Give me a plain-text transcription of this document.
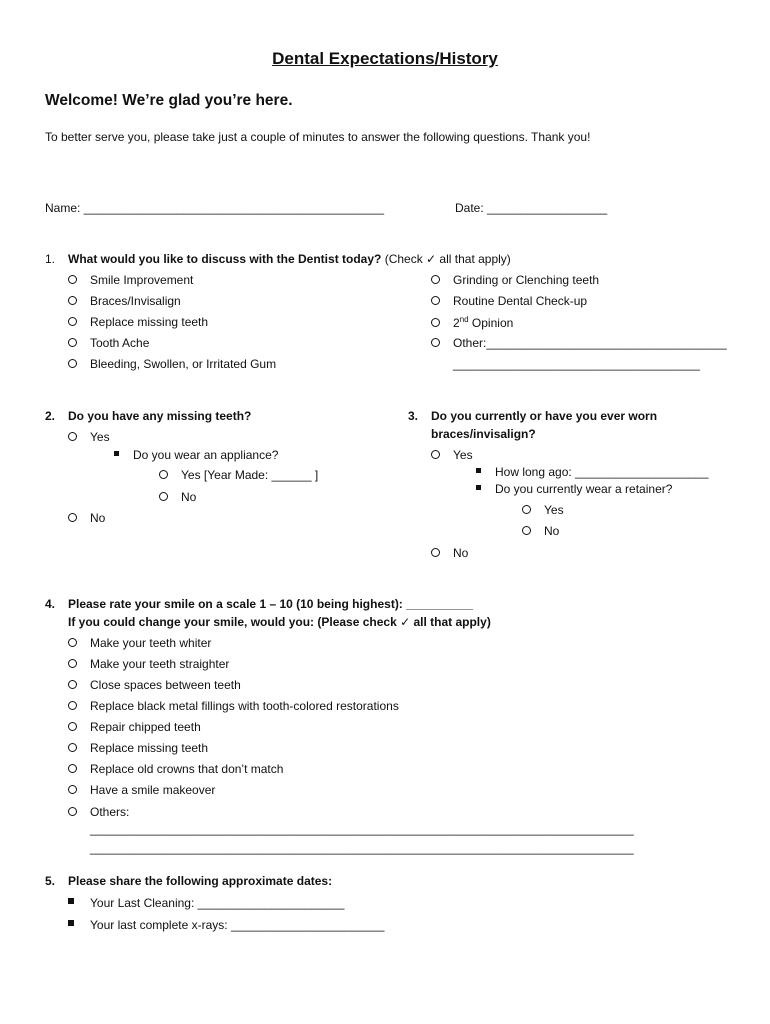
Dental Expectations/History
Welcome! We’re glad you’re here.
To better serve you, please take just a couple of minutes to answer the following questions. Thank you!
Name: _____________________________________________	Date: __________________
1. What would you like to discuss with the Dentist today? (Check ✓ all that apply)
Smile Improvement
Braces/Invisalign
Replace missing teeth
Tooth Ache
Bleeding, Swollen, or Irritated Gum
Grinding or Clenching teeth
Routine Dental Check-up
2nd Opinion
Other:____________________________________
_____________________________________
2. Do you have any missing teeth?
Yes
Do you wear an appliance?
Yes [Year Made: ______ ]
No
No
3. Do you currently or have you ever worn
braces/invisalign?
Yes
How long ago: ____________________
Do you currently wear a retainer?
Yes
No
No
4. Please rate your smile on a scale 1 – 10 (10 being highest): __________
If you could change your smile, would you: (Please check ✓ all that apply)
Make your teeth whiter
Make your teeth straighter
Close spaces between teeth
Replace black metal fillings with tooth-colored restorations
Repair chipped teeth
Replace missing teeth
Replace old crowns that don’t match
Have a smile makeover
Others:
_____________________________________________________________________________________
_____________________________________________________________________________________
5. Please share the following approximate dates:
Your Last Cleaning: ______________________
Your last complete x-rays: _______________________
